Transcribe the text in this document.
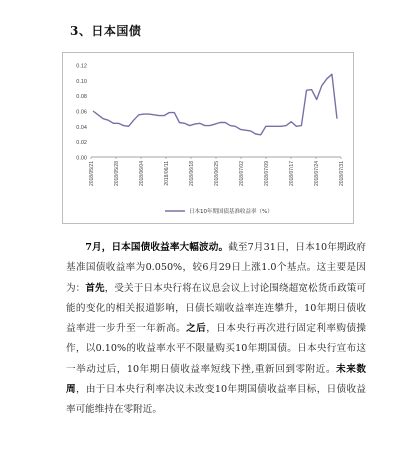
3、日本国债
0.12
0.10
0.08
0.06
0.04
0.02
0.00
2018/05/21	2018/05/28	2018/06/04	2018/06/11	2018/06/18	2018/06/25	2018/07/02	2018/07/09	2018/07/17	2018/07/24	2018/07/31
日本10年期国债基准收益率（%）
7月，日本国债收益率大幅波动。截至7月31日，日本10年期政府基准国债收益率为0.050%，较6月29日上涨1.0个基点。这主要是因为：首先，受关于日本央行将在议息会议上讨论围绕超宽松货币政策可能的变化的相关报道影响，日债长端收益率连连攀升，10年期日债收益率进一步升至一年新高。之后，日本央行再次进行固定利率购债操作，以0.10%的收益率水平不限量购买10年期国债。日本央行宣布这一举动过后，10年期日债收益率短线下挫,重新回到零附近。未来数周，由于日本央行利率决议未改变10年期国债收益率目标，日债收益率可能维持在零附近。
